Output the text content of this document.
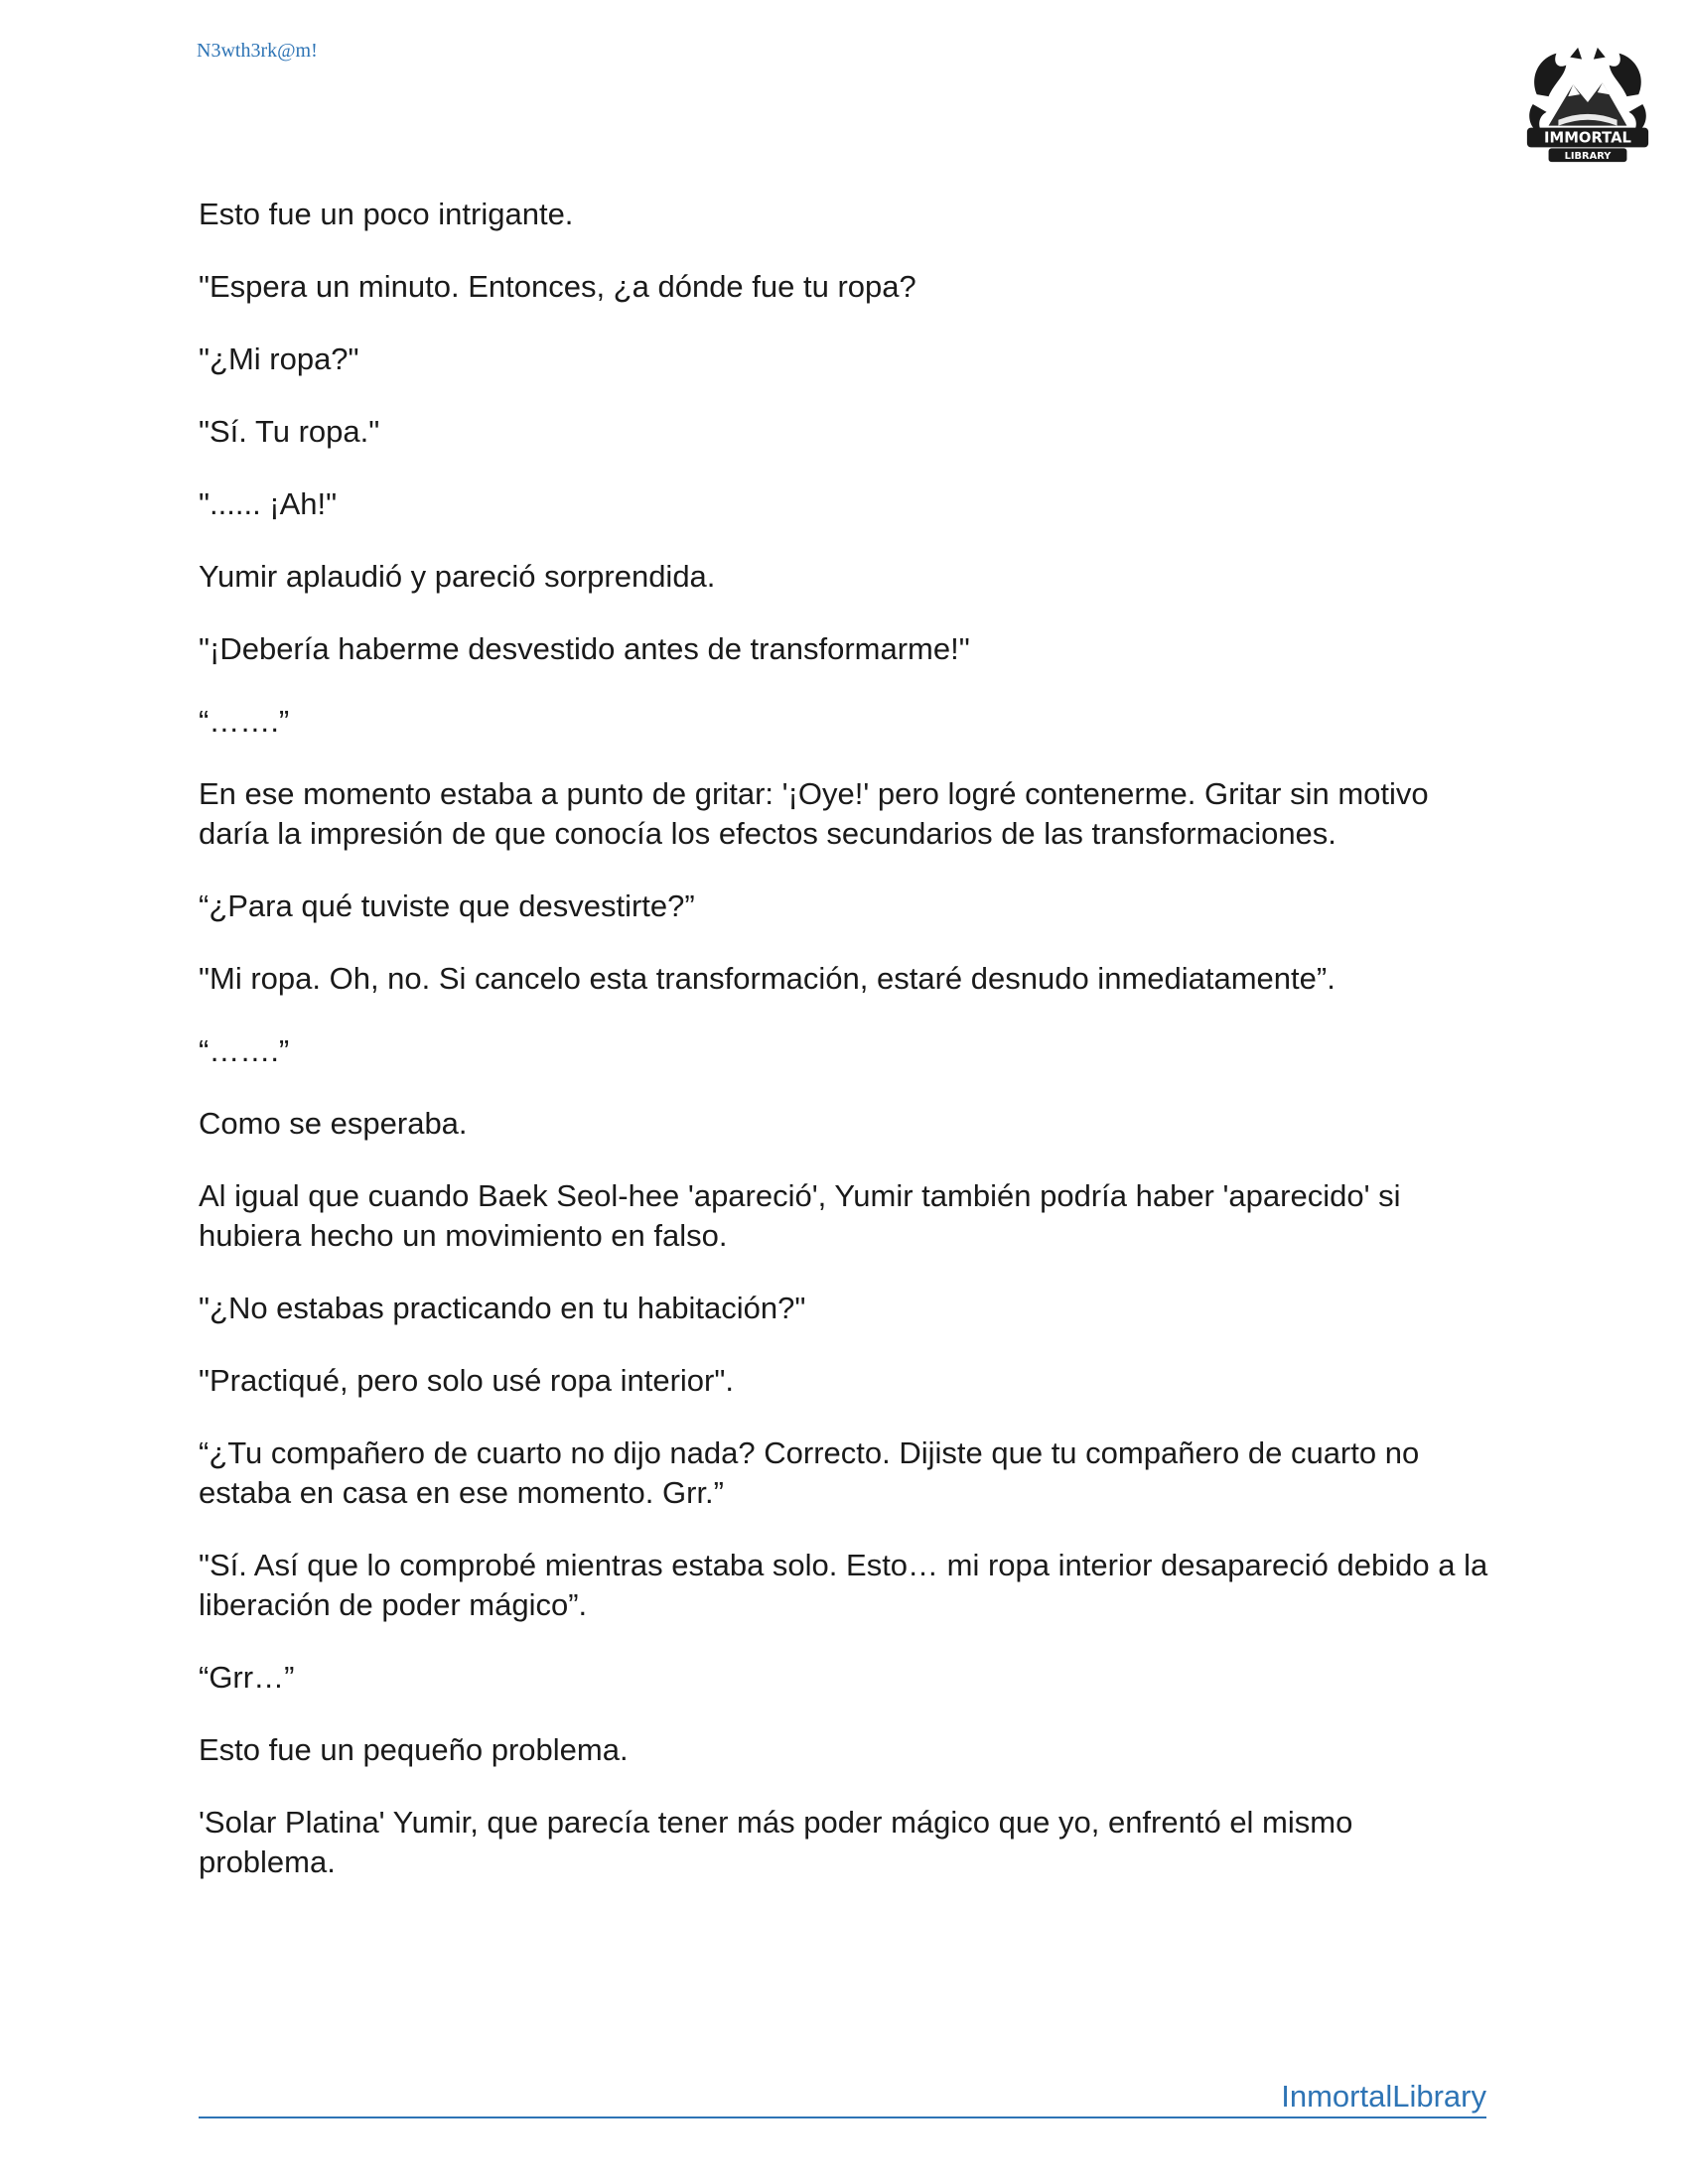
N3wth3rk@m!
IMMORTAL
LIBRARY

Esto fue un poco intrigante.

"Espera un minuto. Entonces, ¿a dónde fue tu ropa?

"¿Mi ropa?"

"Sí. Tu ropa."

"...... ¡Ah!"

Yumir aplaudió y pareció sorprendida.

"¡Debería haberme desvestido antes de transformarme!"

“…….”

En ese momento estaba a punto de gritar: '¡Oye!' pero logré contenerme. Gritar sin motivo daría la impresión de que conocía los efectos secundarios de las transformaciones.

“¿Para qué tuviste que desvestirte?”

"Mi ropa. Oh, no. Si cancelo esta transformación, estaré desnudo inmediatamente”.

“…….”

Como se esperaba.

Al igual que cuando Baek Seol-hee 'apareció', Yumir también podría haber 'aparecido' si hubiera hecho un movimiento en falso.

"¿No estabas practicando en tu habitación?"

"Practiqué, pero solo usé ropa interior".

“¿Tu compañero de cuarto no dijo nada? Correcto. Dijiste que tu compañero de cuarto no estaba en casa en ese momento. Grr.”

"Sí. Así que lo comprobé mientras estaba solo. Esto… mi ropa interior desapareció debido a la liberación de poder mágico”.

“Grr…”

Esto fue un pequeño problema.

'Solar Platina' Yumir, que parecía tener más poder mágico que yo, enfrentó el mismo problema.

InmortalLibrary
